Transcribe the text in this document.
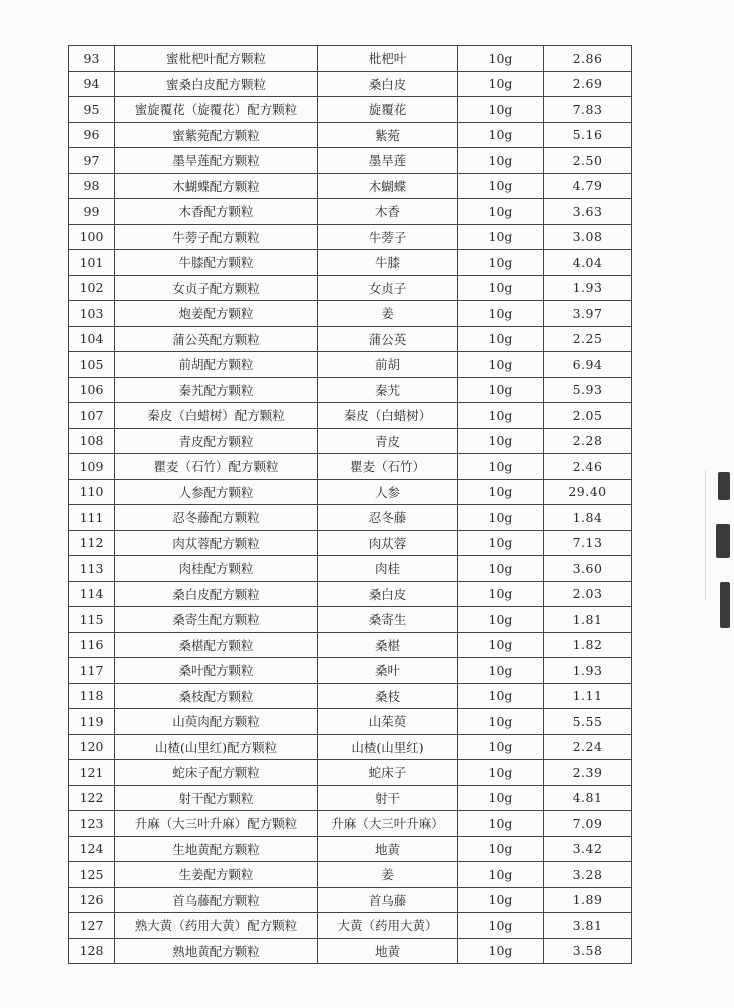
93	蜜枇杷叶配方颗粒	枇杷叶	10g	2.86
94	蜜桑白皮配方颗粒	桑白皮	10g	2.69
95	蜜旋覆花（旋覆花）配方颗粒	旋覆花	10g	7.83
96	蜜紫菀配方颗粒	紫菀	10g	5.16
97	墨旱莲配方颗粒	墨旱莲	10g	2.50
98	木蝴蝶配方颗粒	木蝴蝶	10g	4.79
99	木香配方颗粒	木香	10g	3.63
100	牛蒡子配方颗粒	牛蒡子	10g	3.08
101	牛膝配方颗粒	牛膝	10g	4.04
102	女贞子配方颗粒	女贞子	10g	1.93
103	炮姜配方颗粒	姜	10g	3.97
104	蒲公英配方颗粒	蒲公英	10g	2.25
105	前胡配方颗粒	前胡	10g	6.94
106	秦艽配方颗粒	秦艽	10g	5.93
107	秦皮（白蜡树）配方颗粒	秦皮（白蜡树）	10g	2.05
108	青皮配方颗粒	青皮	10g	2.28
109	瞿麦（石竹）配方颗粒	瞿麦（石竹）	10g	2.46
110	人参配方颗粒	人参	10g	29.40
111	忍冬藤配方颗粒	忍冬藤	10g	1.84
112	肉苁蓉配方颗粒	肉苁蓉	10g	7.13
113	肉桂配方颗粒	肉桂	10g	3.60
114	桑白皮配方颗粒	桑白皮	10g	2.03
115	桑寄生配方颗粒	桑寄生	10g	1.81
116	桑椹配方颗粒	桑椹	10g	1.82
117	桑叶配方颗粒	桑叶	10g	1.93
118	桑枝配方颗粒	桑枝	10g	1.11
119	山萸肉配方颗粒	山茱萸	10g	5.55
120	山楂(山里红)配方颗粒	山楂(山里红)	10g	2.24
121	蛇床子配方颗粒	蛇床子	10g	2.39
122	射干配方颗粒	射干	10g	4.81
123	升麻（大三叶升麻）配方颗粒	升麻（大三叶升麻）	10g	7.09
124	生地黄配方颗粒	地黄	10g	3.42
125	生姜配方颗粒	姜	10g	3.28
126	首乌藤配方颗粒	首乌藤	10g	1.89
127	熟大黄（药用大黄）配方颗粒	大黄（药用大黄）	10g	3.81
128	熟地黄配方颗粒	地黄	10g	3.58
